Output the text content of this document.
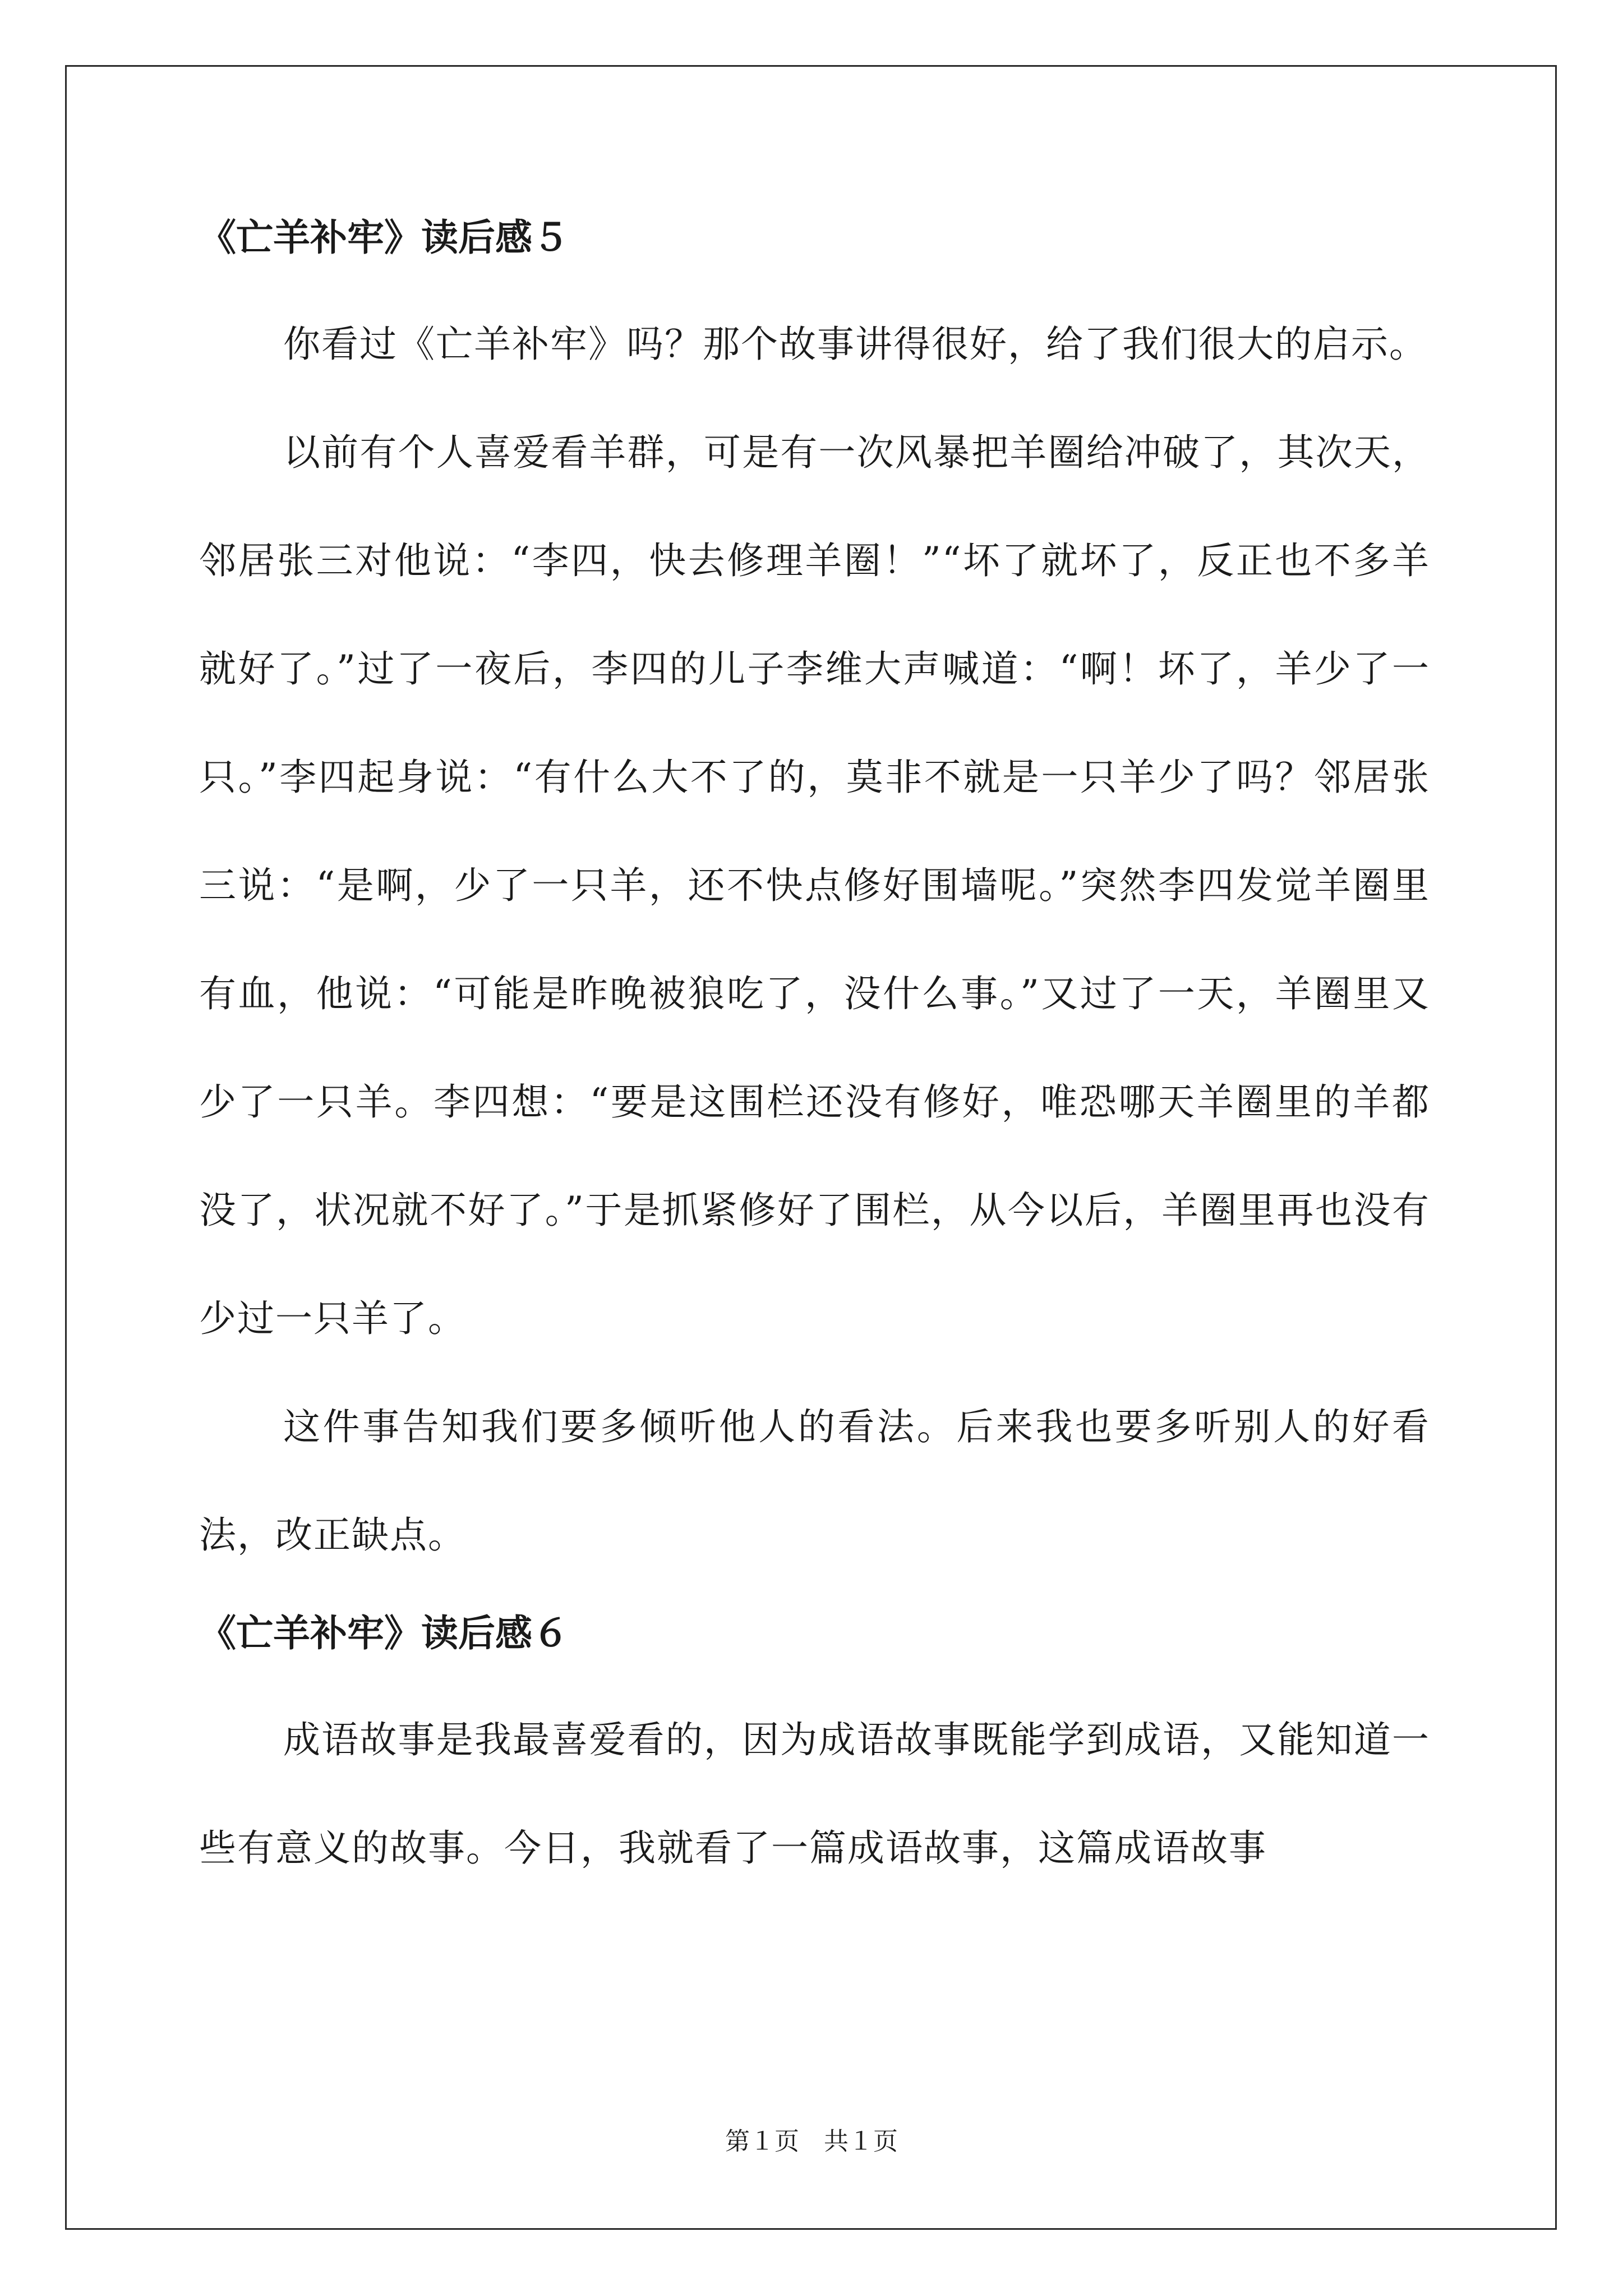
《亡羊补牢》读后感５

你看过《亡羊补牢》吗？那个故事讲得很好，给了我们很大的启示。

以前有个人喜爱看羊群，可是有一次风暴把羊圈给冲破了，其次天，邻居张三对他说：“李四，快去修理羊圈！”“坏了就坏了，反正也不多羊就好了。”过了一夜后，李四的儿子李维大声喊道：“啊！坏了，羊少了一只。”李四起身说：“有什么大不了的，莫非不就是一只羊少了吗？邻居张三说：“是啊，少了一只羊，还不快点修好围墙呢。”突然李四发觉羊圈里有血，他说：“可能是昨晚被狼吃了，没什么事。”又过了一天，羊圈里又少了一只羊。李四想：“要是这围栏还没有修好，唯恐哪天羊圈里的羊都没了，状况就不好了。”于是抓紧修好了围栏，从今以后，羊圈里再也没有少过一只羊了。

这件事告知我们要多倾听他人的看法。后来我也要多听别人的好看法，改正缺点。

《亡羊补牢》读后感６

成语故事是我最喜爱看的，因为成语故事既能学到成语，又能知道一些有意义的故事。今日，我就看了一篇成语故事，这篇成语故事

第１页　共１页
